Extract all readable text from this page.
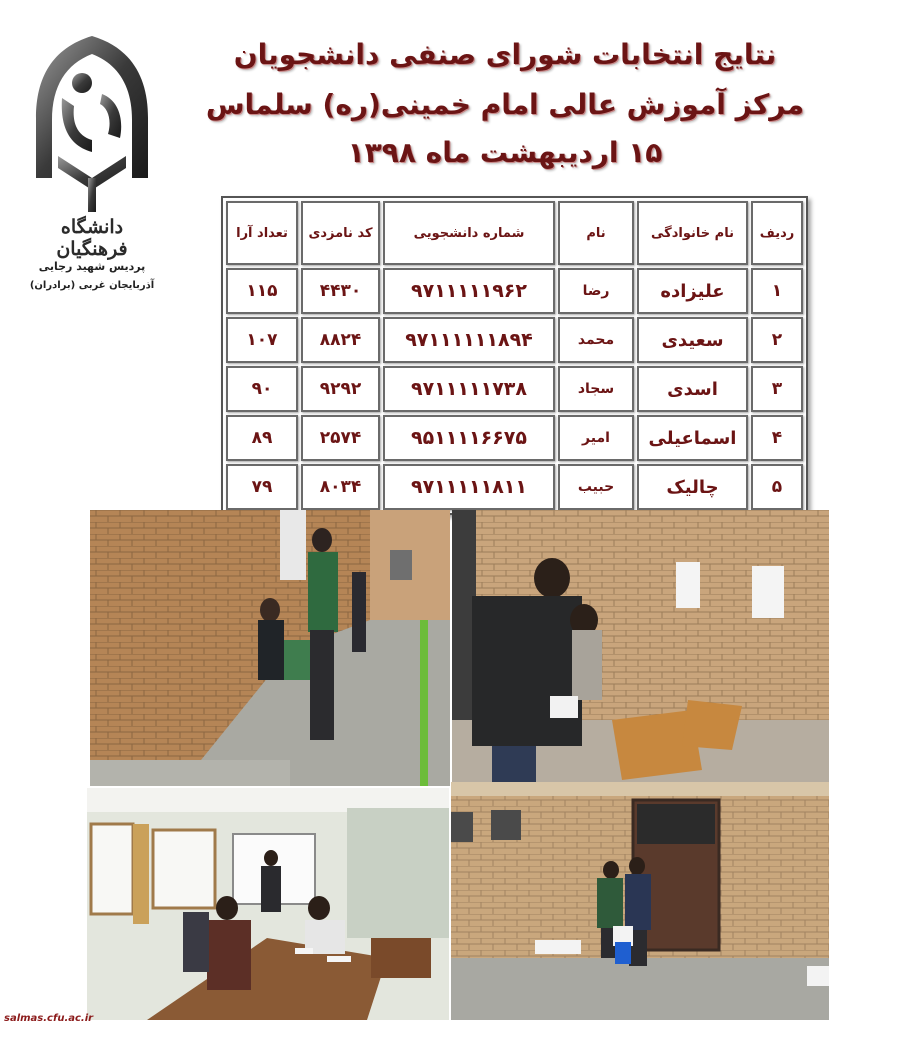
دانشگاه فرهنگیان
پردیس شهید رجایی
آذربایجان غربی (برادران)
نتایج انتخابات شورای صنفی دانشجویان
مرکز آموزش عالی امام خمینی(ره) سلماس
۱۵ اردیبهشت ماه ۱۳۹۸
ردیف	نام خانوادگی	نام	شماره دانشجویی	کد نامزدی	تعداد آرا
۱	علیزاده	رضا	۹۷۱۱۱۱۱۹۶۲	۴۴۳۰	۱۱۵
۲	سعیدی	محمد	۹۷۱۱۱۱۱۱۸۹۴	۸۸۲۴	۱۰۷
۳	اسدی	سجاد	۹۷۱۱۱۱۱۷۳۸	۹۲۹۲	۹۰
۴	اسماعیلی	امیر	۹۵۱۱۱۱۶۶۷۵	۲۵۷۴	۸۹
۵	چالیک	حبیب	۹۷۱۱۱۱۱۸۱۱	۸۰۳۴	۷۹
salmas.cfu.ac.ir
